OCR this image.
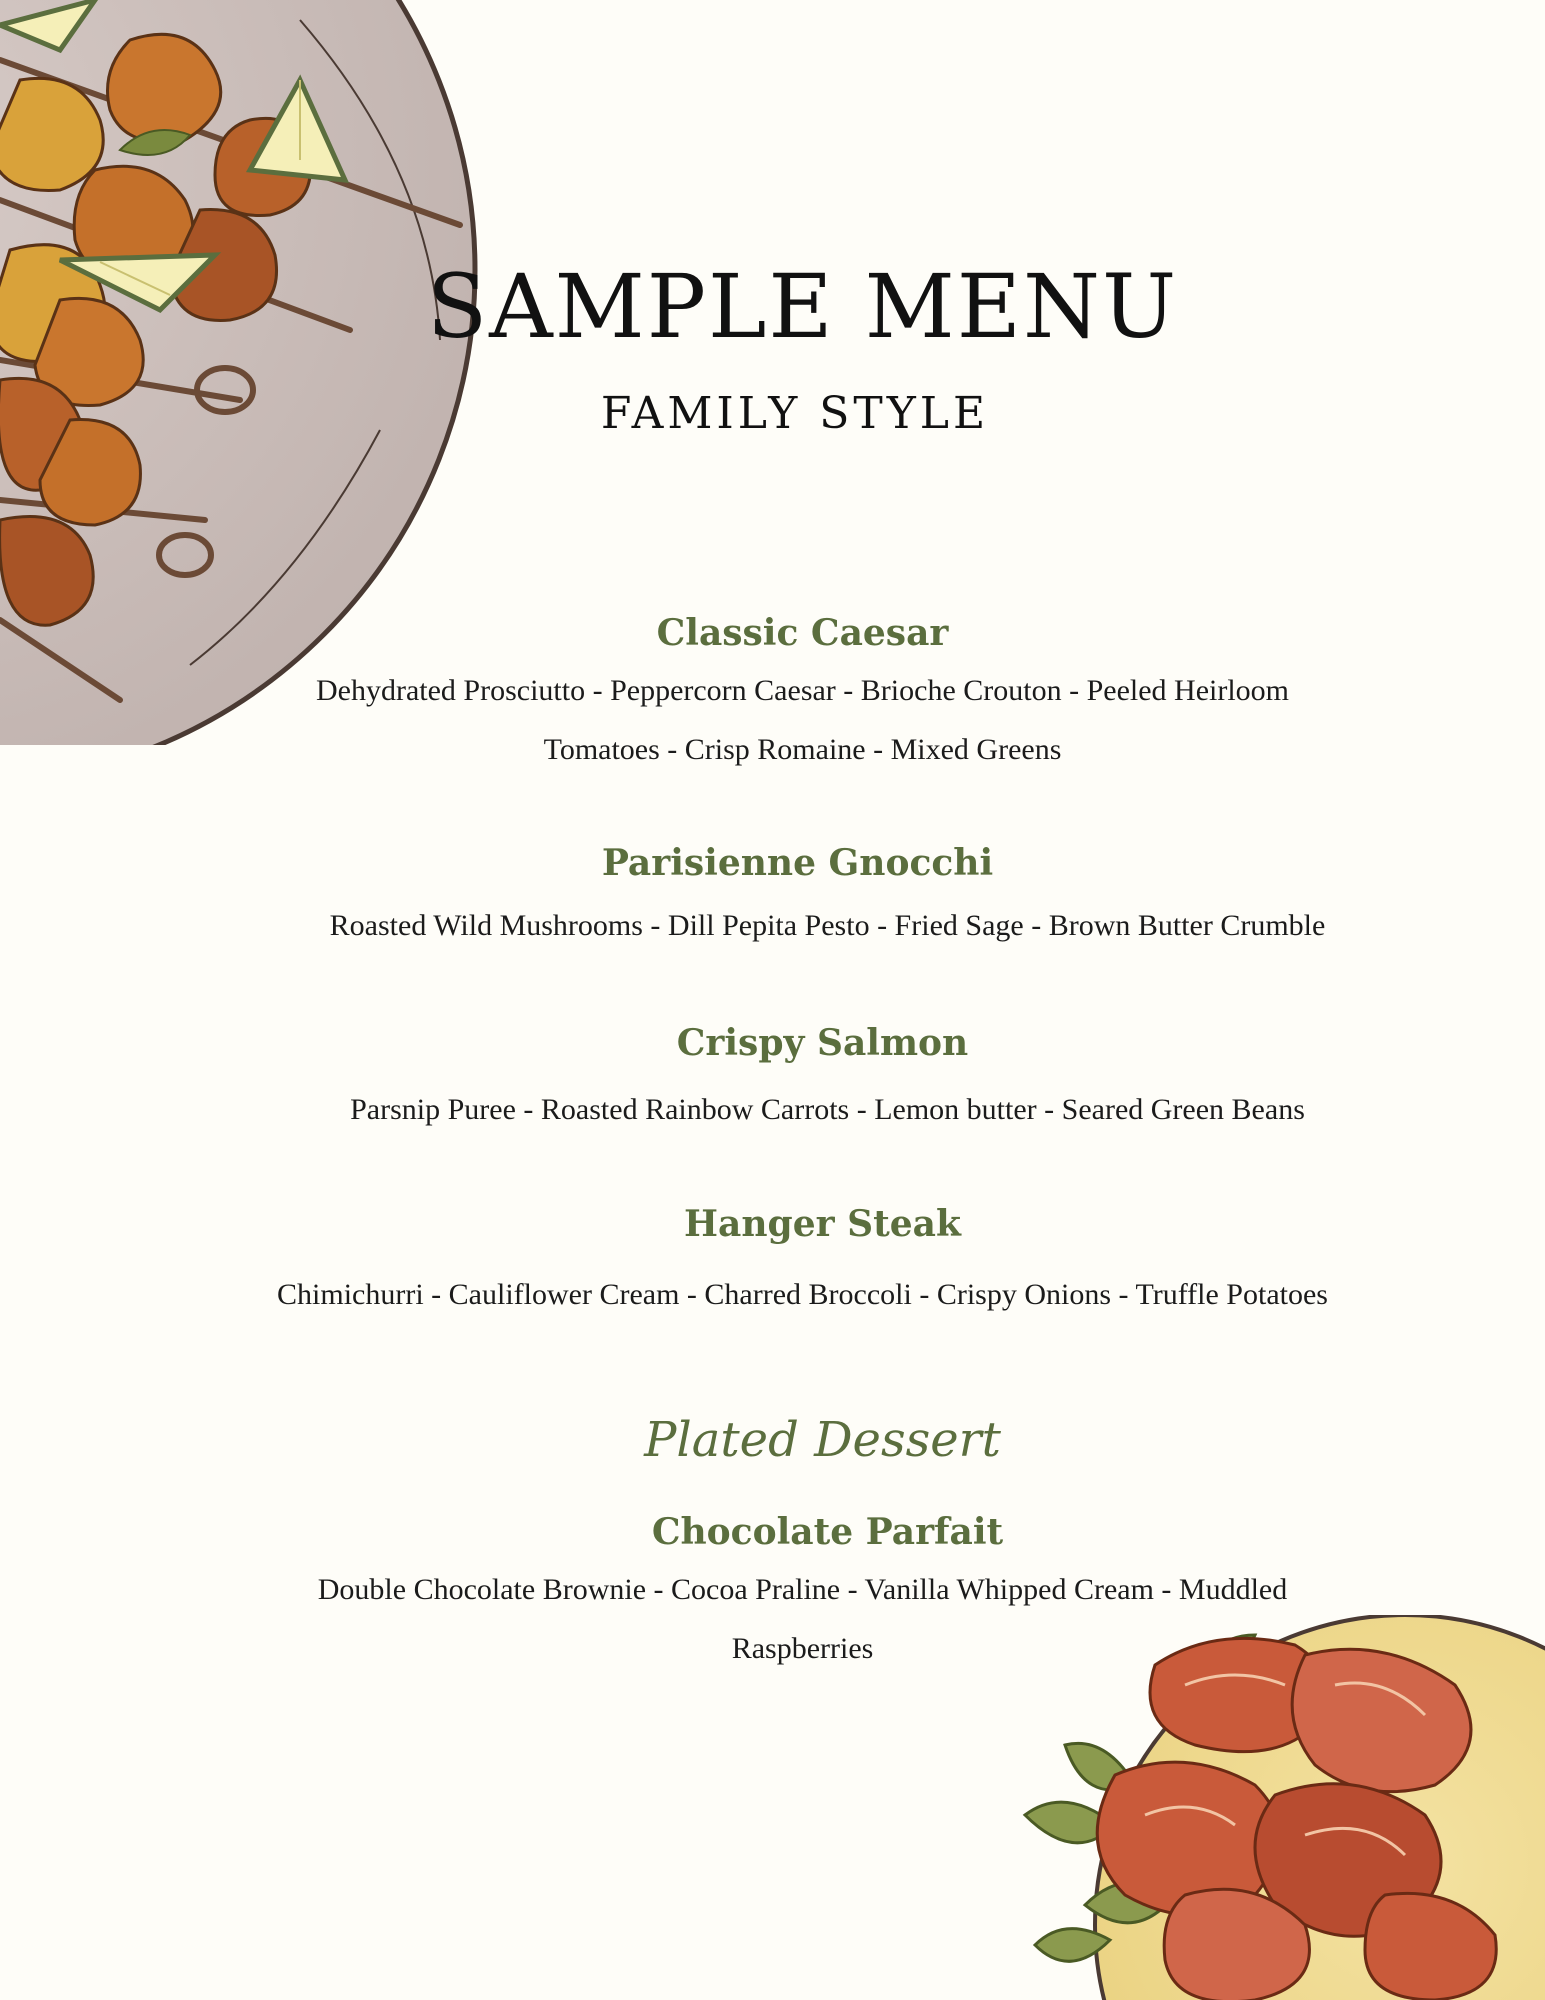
SAMPLE MENU
FAMILY STYLE
Classic Caesar
Dehydrated Prosciutto - Peppercorn Caesar - Brioche Crouton - Peeled Heirloom Tomatoes - Crisp Romaine - Mixed Greens
Parisienne Gnocchi
Roasted Wild Mushrooms - Dill Pepita Pesto - Fried Sage - Brown Butter Crumble
Crispy Salmon
Parsnip Puree - Roasted Rainbow Carrots - Lemon butter - Seared Green Beans
Hanger Steak
Chimichurri - Cauliflower Cream - Charred Broccoli - Crispy Onions - Truffle Potatoes
Plated Dessert
Chocolate Parfait
Double Chocolate Brownie - Cocoa Praline - Vanilla Whipped Cream - Muddled Raspberries
